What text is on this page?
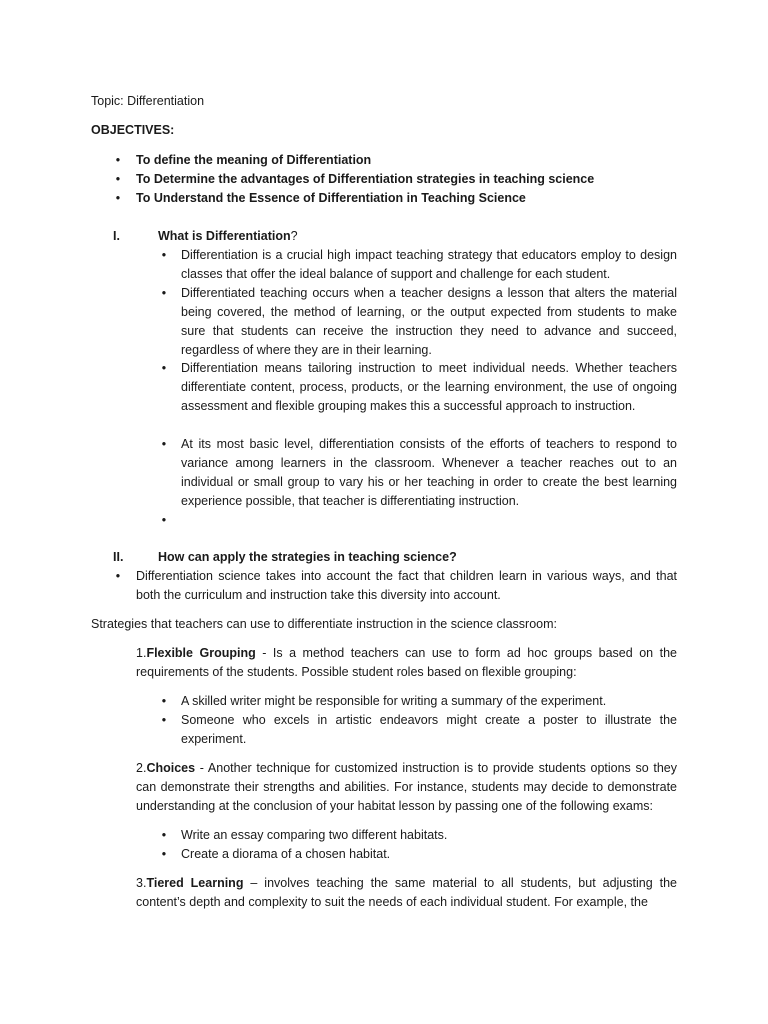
Topic: Differentiation
OBJECTIVES:
•	To define the meaning of Differentiation
•	To Determine the advantages of Differentiation strategies in teaching science
•	To Understand the Essence of Differentiation in Teaching Science
I.	What is Differentiation?
•	Differentiation is a crucial high impact teaching strategy that educators employ to design classes that offer the ideal balance of support and challenge for each student.
•	Differentiated teaching occurs when a teacher designs a lesson that alters the material being covered, the method of learning, or the output expected from students to make sure that students can receive the instruction they need to advance and succeed, regardless of where they are in their learning.
•	Differentiation means tailoring instruction to meet individual needs. Whether teachers differentiate content, process, products, or the learning environment, the use of ongoing assessment and flexible grouping makes this a successful approach to instruction.
•	At its most basic level, differentiation consists of the efforts of teachers to respond to variance among learners in the classroom. Whenever a teacher reaches out to an individual or small group to vary his or her teaching in order to create the best learning experience possible, that teacher is differentiating instruction.
•
II.	How can apply the strategies in teaching science?
•	Differentiation science takes into account the fact that children learn in various ways, and that both the curriculum and instruction take this diversity into account.
Strategies that teachers can use to differentiate instruction in the science classroom:
1.Flexible Grouping - Is a method teachers can use to form ad hoc groups based on the requirements of the students. Possible student roles based on flexible grouping:
•	A skilled writer might be responsible for writing a summary of the experiment.
•	Someone who excels in artistic endeavors might create a poster to illustrate the experiment.
2.Choices - Another technique for customized instruction is to provide students options so they can demonstrate their strengths and abilities. For instance, students may decide to demonstrate understanding at the conclusion of your habitat lesson by passing one of the following exams:
•	Write an essay comparing two different habitats.
•	Create a diorama of a chosen habitat.
3.Tiered Learning – involves teaching the same material to all students, but adjusting the content’s depth and complexity to suit the needs of each individual student. For example, the
